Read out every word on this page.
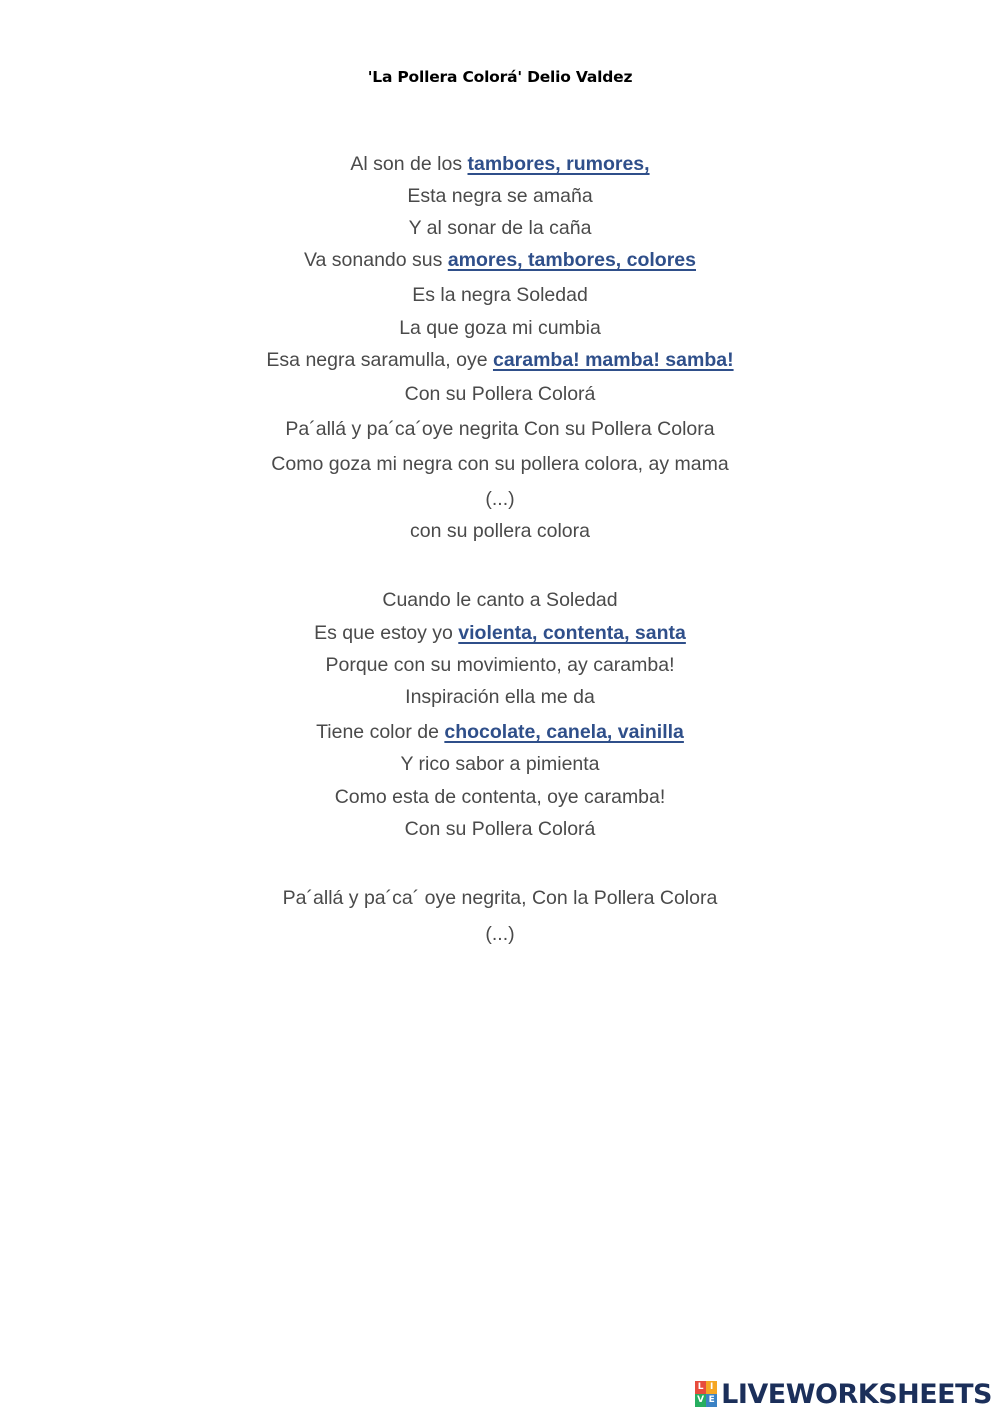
'La Pollera Colorá' Delio Valdez
Al son de los tambores, rumores,
Esta negra se amaña
Y al sonar de la caña
Va sonando sus amores, tambores, colores
Es la negra Soledad
La que goza mi cumbia
Esa negra saramulla, oye caramba! mamba! samba!
Con su Pollera Colorá
Pa´allá y pa´ca´oye negrita Con su Pollera Colora
Como goza mi negra con su pollera colora, ay mama
(...)
con su pollera colora
Cuando le canto a Soledad
Es que estoy yo violenta, contenta, santa
Porque con su movimiento, ay caramba!
Inspiración ella me da
Tiene color de chocolate, canela, vainilla
Y rico sabor a pimienta
Como esta de contenta, oye caramba!
Con su Pollera Colorá
Pa´allá y pa´ca´ oye negrita, Con la Pollera Colora
(...)
L I
V E LIVEWORKSHEETS
